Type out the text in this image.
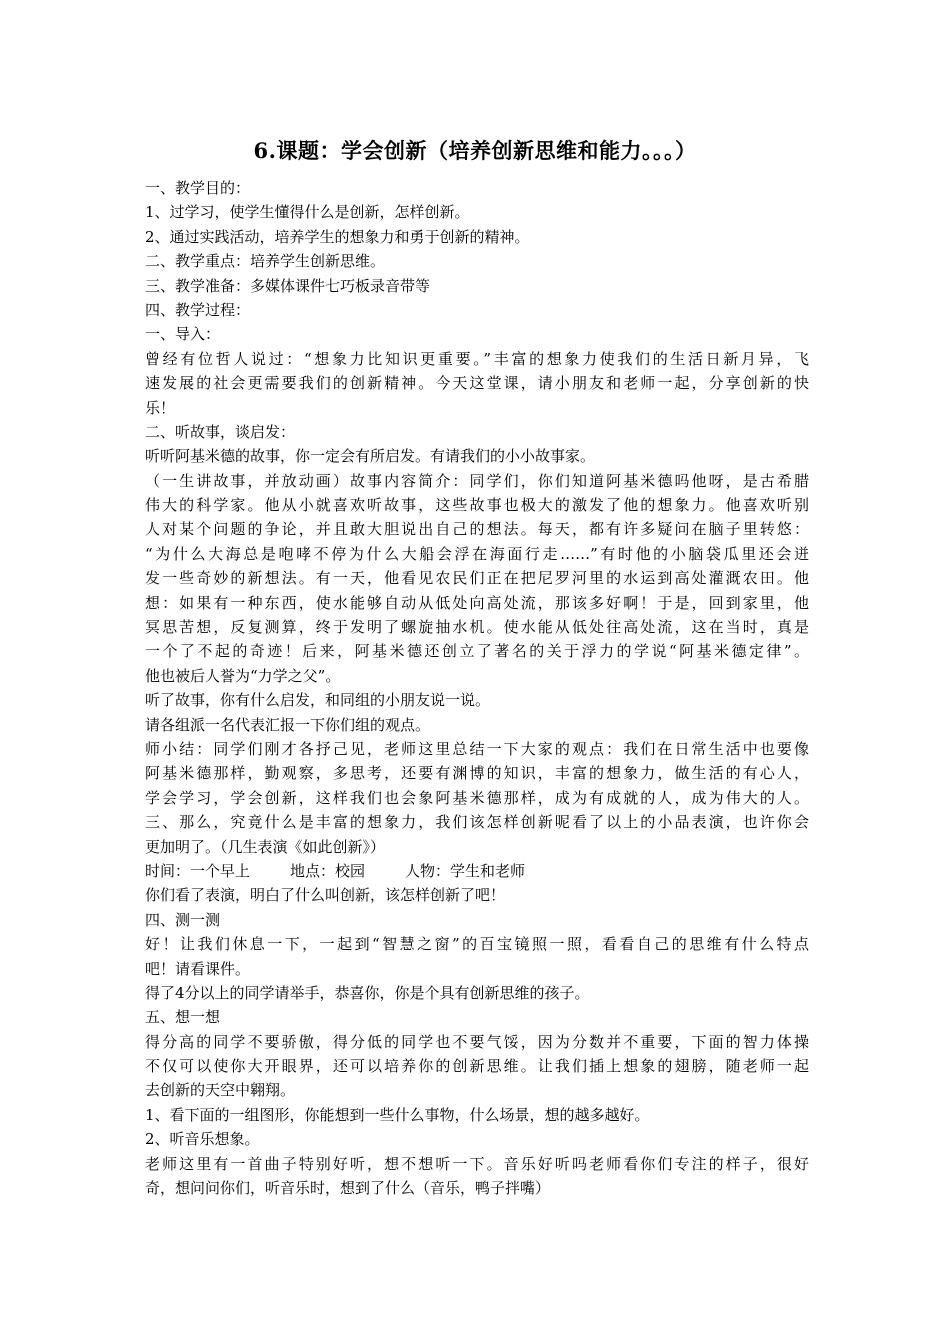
6.课题：学会创新（培养创新思维和能力。。。）
一、教学目的：
1、过学习，使学生懂得什么是创新，怎样创新。
2、通过实践活动，培养学生的想象力和勇于创新的精神。
二、教学重点：培养学生创新思维。
三、教学准备：多媒体课件七巧板录音带等
四、教学过程：
一、导入：
曾经有位哲人说过：“想象力比知识更重要。”丰富的想象力使我们的生活日新月异，飞
速发展的社会更需要我们的创新精神。今天这堂课，请小朋友和老师一起，分享创新的快
乐！
二、听故事，谈启发：
听听阿基米德的故事，你一定会有所启发。有请我们的小小故事家。
（一生讲故事，并放动画）故事内容简介：同学们，你们知道阿基米德吗他呀，是古希腊
伟大的科学家。他从小就喜欢听故事，这些故事也极大的激发了他的想象力。他喜欢听别
人对某个问题的争论，并且敢大胆说出自己的想法。每天，都有许多疑问在脑子里转悠：
“为什么大海总是咆哮不停为什么大船会浮在海面行走……”有时他的小脑袋瓜里还会迸
发一些奇妙的新想法。有一天，他看见农民们正在把尼罗河里的水运到高处灌溉农田。他
想：如果有一种东西，使水能够自动从低处向高处流，那该多好啊！于是，回到家里，他
冥思苦想，反复测算，终于发明了螺旋抽水机。使水能从低处往高处流，这在当时，真是
一个了不起的奇迹！后来，阿基米德还创立了著名的关于浮力的学说“阿基米德定律”。
他也被后人誉为“力学之父”。
听了故事，你有什么启发，和同组的小朋友说一说。
请各组派一名代表汇报一下你们组的观点。
师小结：同学们刚才各抒己见，老师这里总结一下大家的观点：我们在日常生活中也要像
阿基米德那样，勤观察，多思考，还要有渊博的知识，丰富的想象力，做生活的有心人，
学会学习，学会创新，这样我们也会象阿基米德那样，成为有成就的人，成为伟大的人。
三、那么，究竟什么是丰富的想象力，我们该怎样创新呢看了以上的小品表演，也许你会
更加明了。（几生表演《如此创新》）
时间：一个早上	地点：校园	人物：学生和老师
你们看了表演，明白了什么叫创新，该怎样创新了吧！
四、测一测
好！让我们休息一下，一起到“智慧之窗”的百宝镜照一照，看看自己的思维有什么特点
吧！请看课件。
得了4分以上的同学请举手，恭喜你，你是个具有创新思维的孩子。
五、想一想
得分高的同学不要骄傲，得分低的同学也不要气馁，因为分数并不重要，下面的智力体操
不仅可以使你大开眼界，还可以培养你的创新思维。让我们插上想象的翅膀，随老师一起
去创新的天空中翱翔。
1、看下面的一组图形，你能想到一些什么事物，什么场景，想的越多越好。
2、听音乐想象。
老师这里有一首曲子特别好听，想不想听一下。音乐好听吗老师看你们专注的样子，很好
奇，想问问你们，听音乐时，想到了什么（音乐，鸭子拌嘴）
